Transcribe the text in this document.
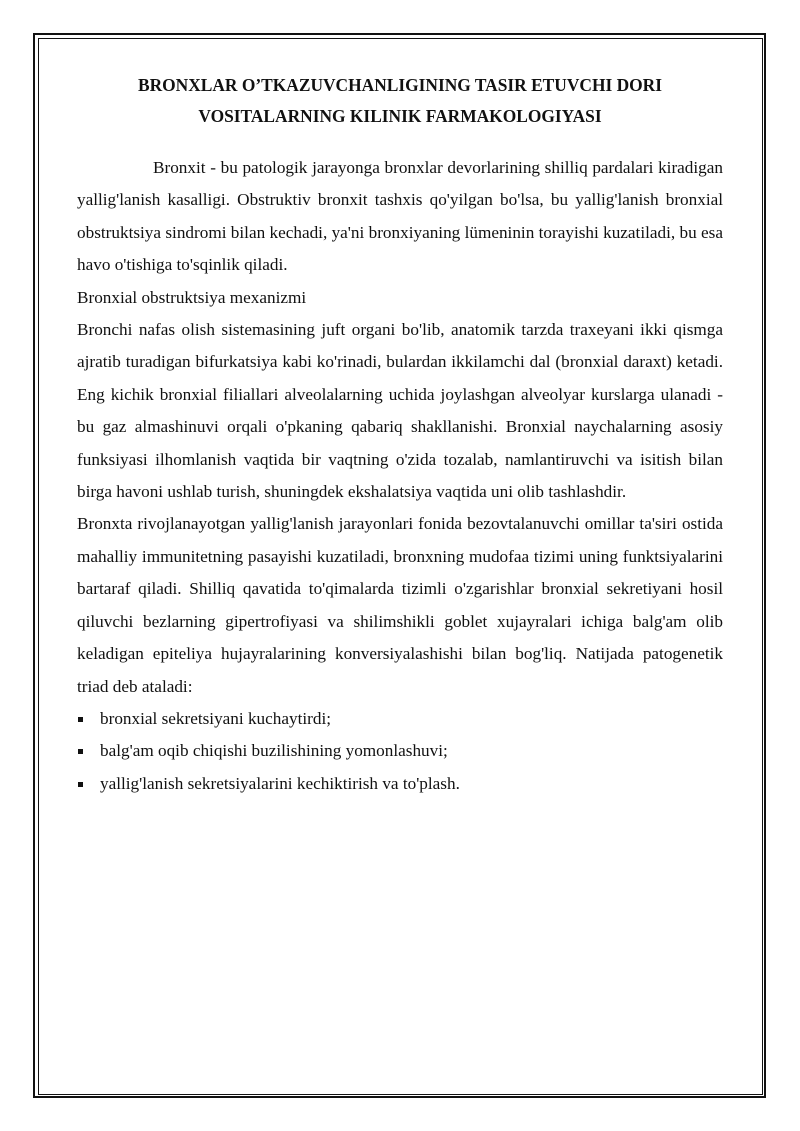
BRONXLAR O’TKAZUVCHANLIGINING TASIR ETUVCHI DORI
VOSITALARNING KILINIK FARMAKOLOGIYASI

Bronxit - bu patologik jarayonga bronxlar devorlarining shilliq pardalari kiradigan yallig'lanish kasalligi. Obstruktiv bronxit tashxis qo'yilgan bo'lsa, bu yallig'lanish bronxial obstruktsiya sindromi bilan kechadi, ya'ni bronxiyaning lümeninin torayishi kuzatiladi, bu esa havo o'tishiga to'sqinlik qiladi.

Bronxial obstruktsiya mexanizmi

Bronchi nafas olish sistemasining juft organi bo'lib, anatomik tarzda traxeyani ikki qismga ajratib turadigan bifurkatsiya kabi ko'rinadi, bulardan ikkilamchi dal (bronxial daraxt) ketadi. Eng kichik bronxial filiallari alveolalarning uchida joylashgan alveolyar kurslarga ulanadi - bu gaz almashinuvi orqali o'pkaning qabariq shakllanishi. Bronxial naychalarning asosiy funksiyasi ilhomlanish vaqtida bir vaqtning o'zida tozalab, namlantiruvchi va isitish bilan birga havoni ushlab turish, shuningdek ekshalatsiya vaqtida uni olib tashlashdir.

Bronxta rivojlanayotgan yallig'lanish jarayonlari fonida bezovtalanuvchi omillar ta'siri ostida mahalliy immunitetning pasayishi kuzatiladi, bronxning mudofaa tizimi uning funktsiyalarini bartaraf qiladi. Shilliq qavatida to'qimalarda tizimli o'zgarishlar bronxial sekretiyani hosil qiluvchi bezlarning gipertrofiyasi va shilimshikli goblet xujayralari ichiga balg'am olib keladigan epiteliya hujayralarining konversiyalashishi bilan bog'liq. Natijada patogenetik triad deb ataladi:

bronxial sekretsiyani kuchaytirdi;
balg'am oqib chiqishi buzilishining yomonlashuvi;
yallig'lanish sekretsiyalarini kechiktirish va to'plash.
